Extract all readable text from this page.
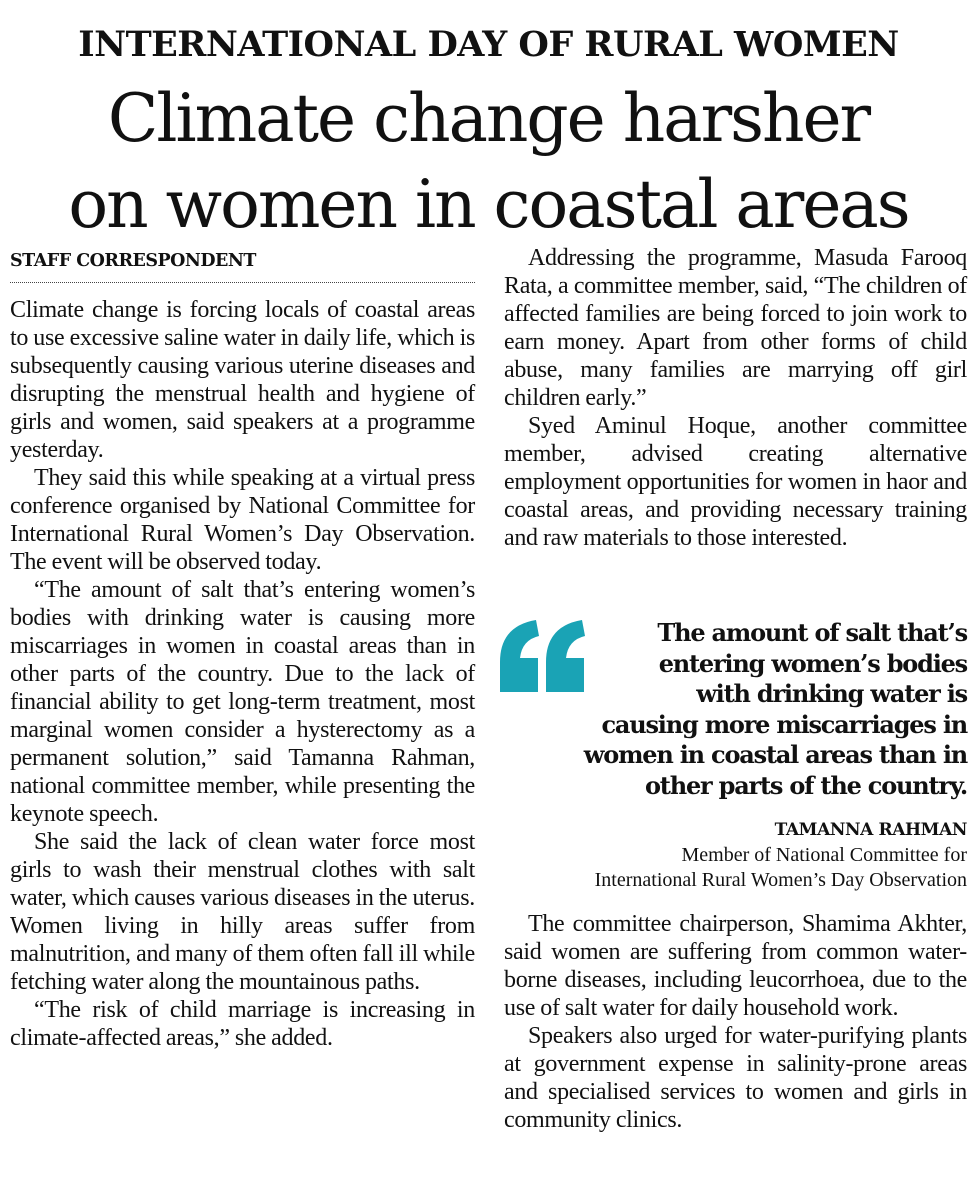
INTERNATIONAL DAY OF RURAL WOMEN
Climate change harsher
on women in coastal areas
STAFF CORRESPONDENT

Climate change is forcing locals of coastal areas to use excessive saline water in daily life, which is subsequently causing various uterine diseases and disrupting the menstrual health and hygiene of girls and women, said speakers at a programme yesterday.

They said this while speaking at a virtual press conference organised by National Committee for International Rural Women’s Day Observation. The event will be observed today.

“The amount of salt that’s entering women’s bodies with drinking water is causing more miscarriages in women in coastal areas than in other parts of the country. Due to the lack of financial ability to get long-term treatment, most marginal women consider a hysterectomy as a permanent solution,” said Tamanna Rahman, national committee member, while presenting the keynote speech.

She said the lack of clean water force most girls to wash their menstrual clothes with salt water, which causes various diseases in the uterus. Women living in hilly areas suffer from malnutrition, and many of them often fall ill while fetching water along the mountainous paths.

“The risk of child marriage is increasing in climate-affected areas,” she added.

Addressing the programme, Masuda Farooq Rata, a committee member, said, “The children of affected families are being forced to join work to earn money. Apart from other forms of child abuse, many families are marrying off girl children early.”

Syed Aminul Hoque, another committee member, advised creating alternative employment opportunities for women in haor and coastal areas, and providing necessary training and raw materials to those interested.

The amount of salt that’s
entering women’s bodies
with drinking water is
causing more miscarriages in
women in coastal areas than in
other parts of the country.
TAMANNA RAHMAN
Member of National Committee for
International Rural Women’s Day Observation

The committee chairperson, Shamima Akhter, said women are suffering from common water-borne diseases, including leucorrhoea, due to the use of salt water for daily household work.

Speakers also urged for water-purifying plants at government expense in salinity-prone areas and specialised services to women and girls in community clinics.
